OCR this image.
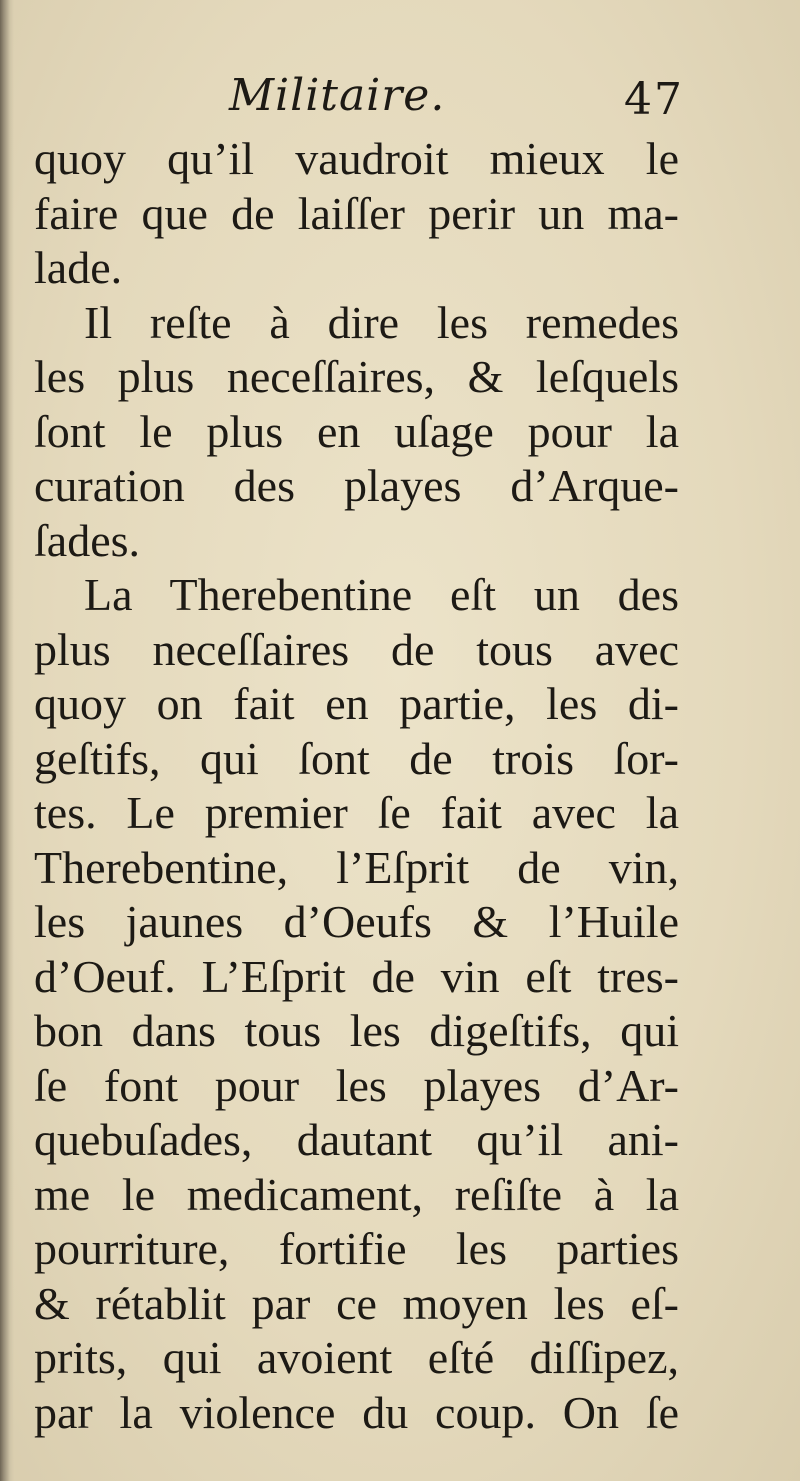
Militaire.	47
quoy qu’il vaudroit mieux le
faire que de laiſſer perir un ma-
lade.
Il reſte à dire les remedes
les plus neceſſaires, & leſquels
ſont le plus en uſage pour la
curation des playes d’Arque-
ſades.
La Therebentine eſt un des
plus neceſſaires de tous avec
quoy on fait en partie, les di-
geſtifs, qui ſont de trois ſor-
tes. Le premier ſe fait avec la
Therebentine, l’Eſprit de vin,
les jaunes d’Oeufs & l’Huile
d’Oeuf. L’Eſprit de vin eſt tres-
bon dans tous les digeſtifs, qui
ſe font pour les playes d’Ar-
quebuſades, dautant qu’il ani-
me le medicament, reſiſte à la
pourriture, fortifie les parties
& rétablit par ce moyen les eſ-
prits, qui avoient eſté diſſipez,
par la violence du coup. On ſe
